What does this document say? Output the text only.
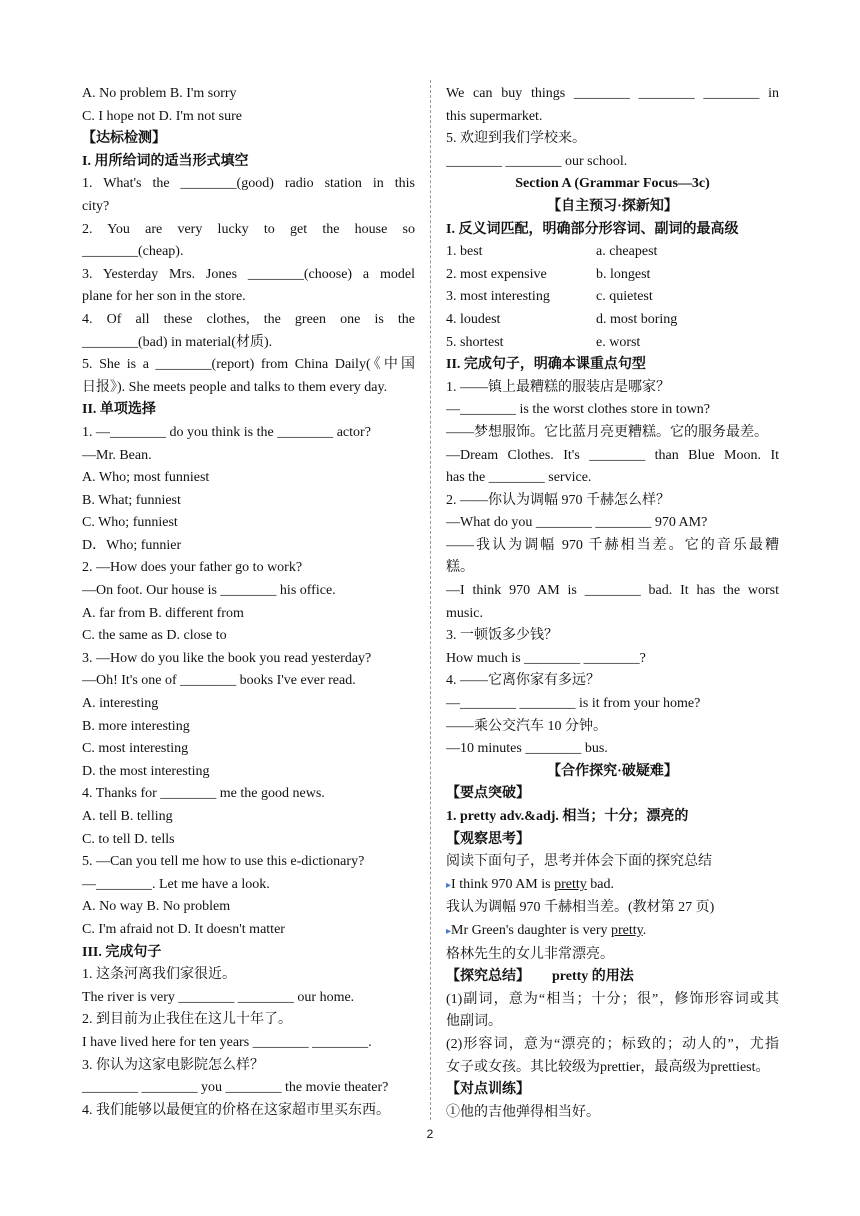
A. No problem B. I'm sorry
C. I hope not D. I'm not sure
【达标检测】
I. 用所给词的适当形式填空
1. What's the ________(good) radio station in this
city?
2. You are very lucky to get the house so
________(cheap).
3. Yesterday Mrs. Jones ________(choose) a model
plane for her son in the store.
4. Of all these clothes, the green one is the
________(bad) in material(材质).
5. She is a ________(report) from China Daily(《中国
日报》). She meets people and talks to them every day.
II. 单项选择
1. —________ do you think is the ________ actor?
—Mr. Bean.
A. Who; most funniest
B. What; funniest
C. Who; funniest
D．Who; funnier
2. —How does your father go to work?
—On foot. Our house is ________ his office.
A. far from B. different from
C. the same as D. close to
3. —How do you like the book you read yesterday?
—Oh! It's one of ________ books I've ever read.
A. interesting
B. more interesting
C. most interesting
D. the most interesting
4. Thanks for ________ me the good news.
A. tell B. telling
C. to tell D. tells
5. —Can you tell me how to use this e-dictionary?
—________. Let me have a look.
A. No way B. No problem
C. I'm afraid not D. It doesn't matter
III. 完成句子
1. 这条河离我们家很近。
The river is very ________ ________ our home.
2. 到目前为止我住在这儿十年了。
I have lived here for ten years ________ ________.
3. 你认为这家电影院怎么样？
________ ________ you ________ the movie theater?
4. 我们能够以最便宜的价格在这家超市里买东西。
We can buy things ________ ________ ________ in
this supermarket.
5. 欢迎到我们学校来。
________ ________ our school.
Section A (Grammar Focus—3c)
【自主预习·探新知】
I. 反义词匹配，明确部分形容词、副词的最高级
1. best	a. cheapest
2. most expensive	b. longest
3. most interesting	c. quietest
4. loudest	d. most boring
5. shortest	e. worst
II. 完成句子，明确本课重点句型
1. ——镇上最糟糕的服装店是哪家？
—________ is the worst clothes store in town?
——梦想服饰。它比蓝月亮更糟糕。它的服务最差。
—Dream Clothes. It's ________ than Blue Moon. It
has the ________ service.
2. ——你认为调幅 970 千赫怎么样？
—What do you ________ ________ 970 AM?
——我认为调幅 970 千赫相当差。它的音乐最糟
糕。
—I think 970 AM is ________ bad. It has the worst
music.
3. 一顿饭多少钱？
How much is ________ ________?
4. ——它离你家有多远？
—________ ________ is it from your home?
——乘公交汽车 10 分钟。
—10 minutes ________ bus.
【合作探究·破疑难】
【要点突破】
1. pretty adv.&adj. 相当；十分；漂亮的
【观察思考】
阅读下面句子，思考并体会下面的探究总结
▸I think 970 AM is pretty bad.
我认为调幅 970 千赫相当差。(教材第 27 页)
▸Mr Green's daughter is very pretty.
格林先生的女儿非常漂亮。
【探究总结】 pretty 的用法
(1)副词，意为“相当；十分；很”，修饰形容词或其
他副词。
(2)形容词，意为“漂亮的；标致的；动人的”，尤指
女子或女孩。其比较级为prettier，最高级为prettiest。
【对点训练】
①他的吉他弹得相当好。
2
